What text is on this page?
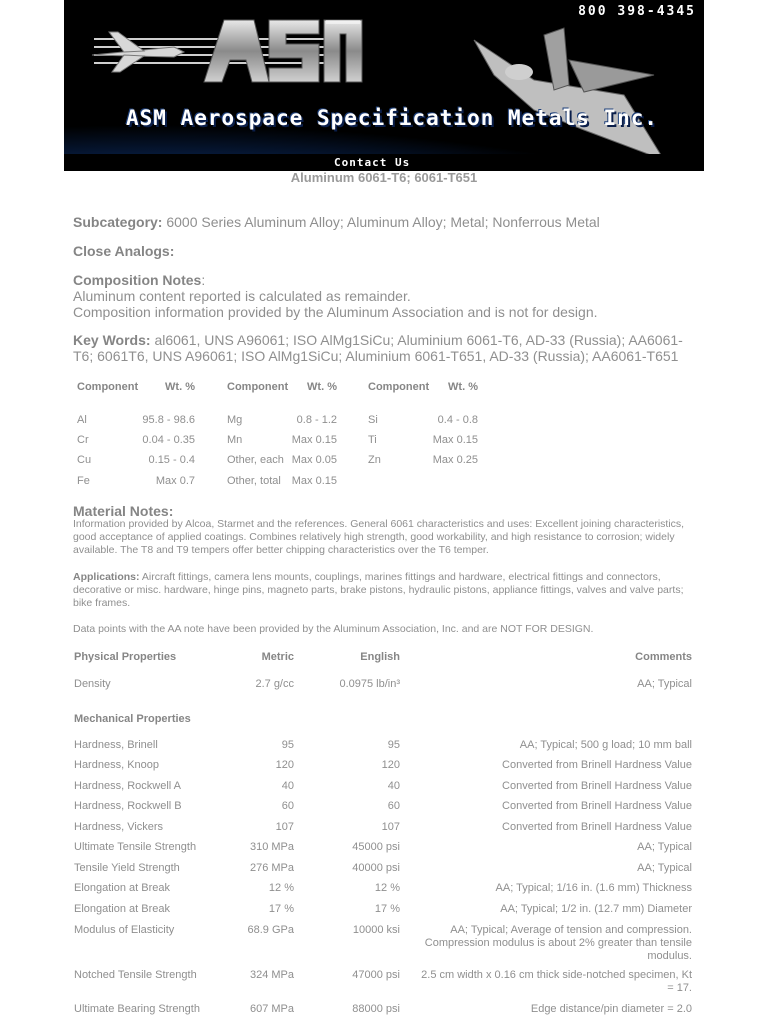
800 398-4345
ASM Aerospace Specification Metals Inc.
Contact Us
Aluminum 6061-T6; 6061-T651
Subcategory: 6000 Series Aluminum Alloy; Aluminum Alloy; Metal; Nonferrous Metal
Close Analogs:
Composition Notes:
Aluminum content reported is calculated as remainder.
Composition information provided by the Aluminum Association and is not for design.
Key Words: al6061, UNS A96061; ISO AlMg1SiCu; Aluminium 6061-T6, AD-33 (Russia); AA6061-T6; 6061T6, UNS A96061; ISO AlMg1SiCu; Aluminium 6061-T651, AD-33 (Russia); AA6061-T651
Component	Wt. %
Al	95.8 - 98.6
Cr	0.04 - 0.35
Cu	0.15 - 0.4
Fe	Max 0.7
Component	Wt. %
Mg	0.8 - 1.2
Mn	Max 0.15
Other, each Max 0.05
Other, total Max 0.15
Component	Wt. %
Si	0.4 - 0.8
Ti	Max 0.15
Zn	Max 0.25
Material Notes:
Information provided by Alcoa, Starmet and the references. General 6061 characteristics and uses: Excellent joining characteristics, good acceptance of applied coatings. Combines relatively high strength, good workability, and high resistance to corrosion; widely available. The T8 and T9 tempers offer better chipping characteristics over the T6 temper.
Applications: Aircraft fittings, camera lens mounts, couplings, marines fittings and hardware, electrical fittings and connectors, decorative or misc. hardware, hinge pins, magneto parts, brake pistons, hydraulic pistons, appliance fittings, valves and valve parts; bike frames.
Data points with the AA note have been provided by the Aluminum Association, Inc. and are NOT FOR DESIGN.
Physical Properties	Metric	English	Comments
Density	2.7 g/cc	0.0975 lb/in³	AA; Typical
Mechanical Properties
Hardness, Brinell	95	95	AA; Typical; 500 g load; 10 mm ball
Hardness, Knoop	120	120	Converted from Brinell Hardness Value
Hardness, Rockwell A	40	40	Converted from Brinell Hardness Value
Hardness, Rockwell B	60	60	Converted from Brinell Hardness Value
Hardness, Vickers	107	107	Converted from Brinell Hardness Value
Ultimate Tensile Strength	310 MPa	45000 psi	AA; Typical
Tensile Yield Strength	276 MPa	40000 psi	AA; Typical
Elongation at Break	12 %	12 %	AA; Typical; 1/16 in. (1.6 mm) Thickness
Elongation at Break	17 %	17 %	AA; Typical; 1/2 in. (12.7 mm) Diameter
Modulus of Elasticity	68.9 GPa	10000 ksi	AA; Typical; Average of tension and compression. Compression modulus is about 2% greater than tensile modulus.
Notched Tensile Strength	324 MPa	47000 psi	2.5 cm width x 0.16 cm thick side-notched specimen, Kt = 17.
Ultimate Bearing Strength	607 MPa	88000 psi	Edge distance/pin diameter = 2.0
